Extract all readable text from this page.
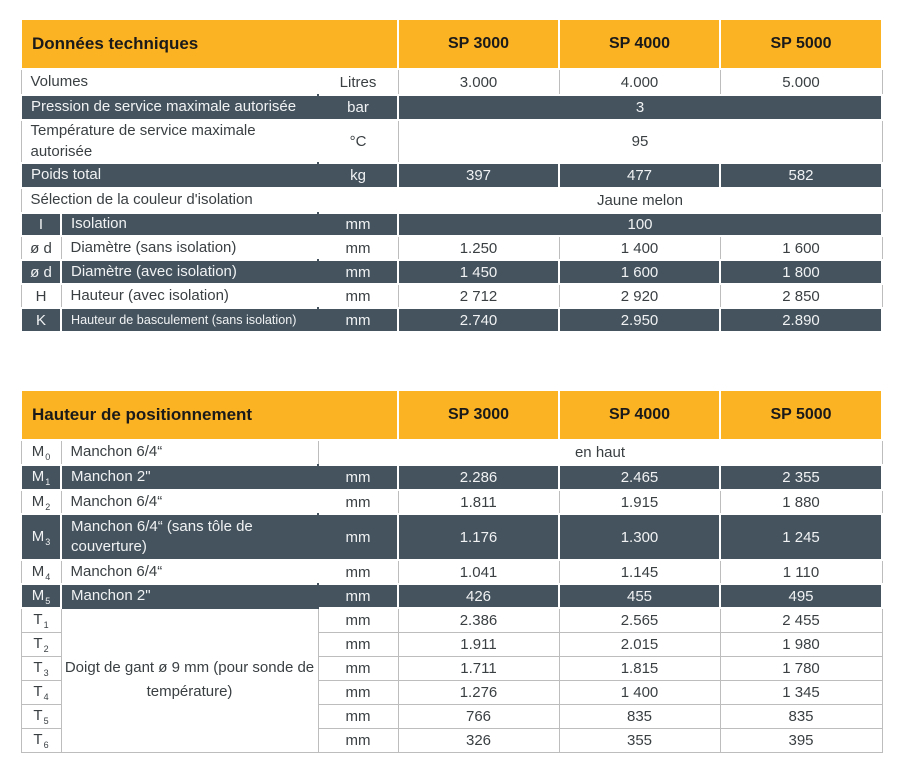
Données techniques			SP 3000	SP 4000	SP 5000
Volumes		Litres	3.000	4.000	5.000
Pression de service maximale autorisée		bar	3		
Température de service maximale autorisée		°C	95		
Poids total		kg	397	477	582
Sélection de la couleur d'isolation			Jaune melon		
I	Isolation	mm	100		
ø d	Diamètre (sans isolation)	mm	1.250	1 400	1 600
ø d	Diamètre (avec isolation)	mm	1 450	1 600	1 800
H	Hauteur (avec isolation)	mm	2 712	2 920	2 850
K	Hauteur de basculement (sans isolation)	mm	2.740	2.950	2.890
Hauteur de positionnement			SP 3000	SP 4000	SP 5000
$M_0$	Manchon 6/4“	en haut			
$M_1$	Manchon 2"	mm	2.286	2.465	2 355
$M_2$	Manchon 6/4“	mm	1.811	1.915	1 880
$M_3$	Manchon 6/4“ (sans tôle de couverture)	mm	1.176	1.300	1 245
$M_4$	Manchon 6/4“	mm	1.041	1.145	1 110
$M_5$	Manchon 2"	mm	426	455	495
$T_1$	Doigt de gant ø 9 mm (pour sonde de température)	mm	2.386	2.565	2 455
$T_2$		mm	1.911	2.015	1 980
$T_3$		mm	1.711	1.815	1 780
$T_4$		mm	1.276	1 400	1 345
$T_5$		mm	766	835	835
$T_6$		mm	326	355	395
